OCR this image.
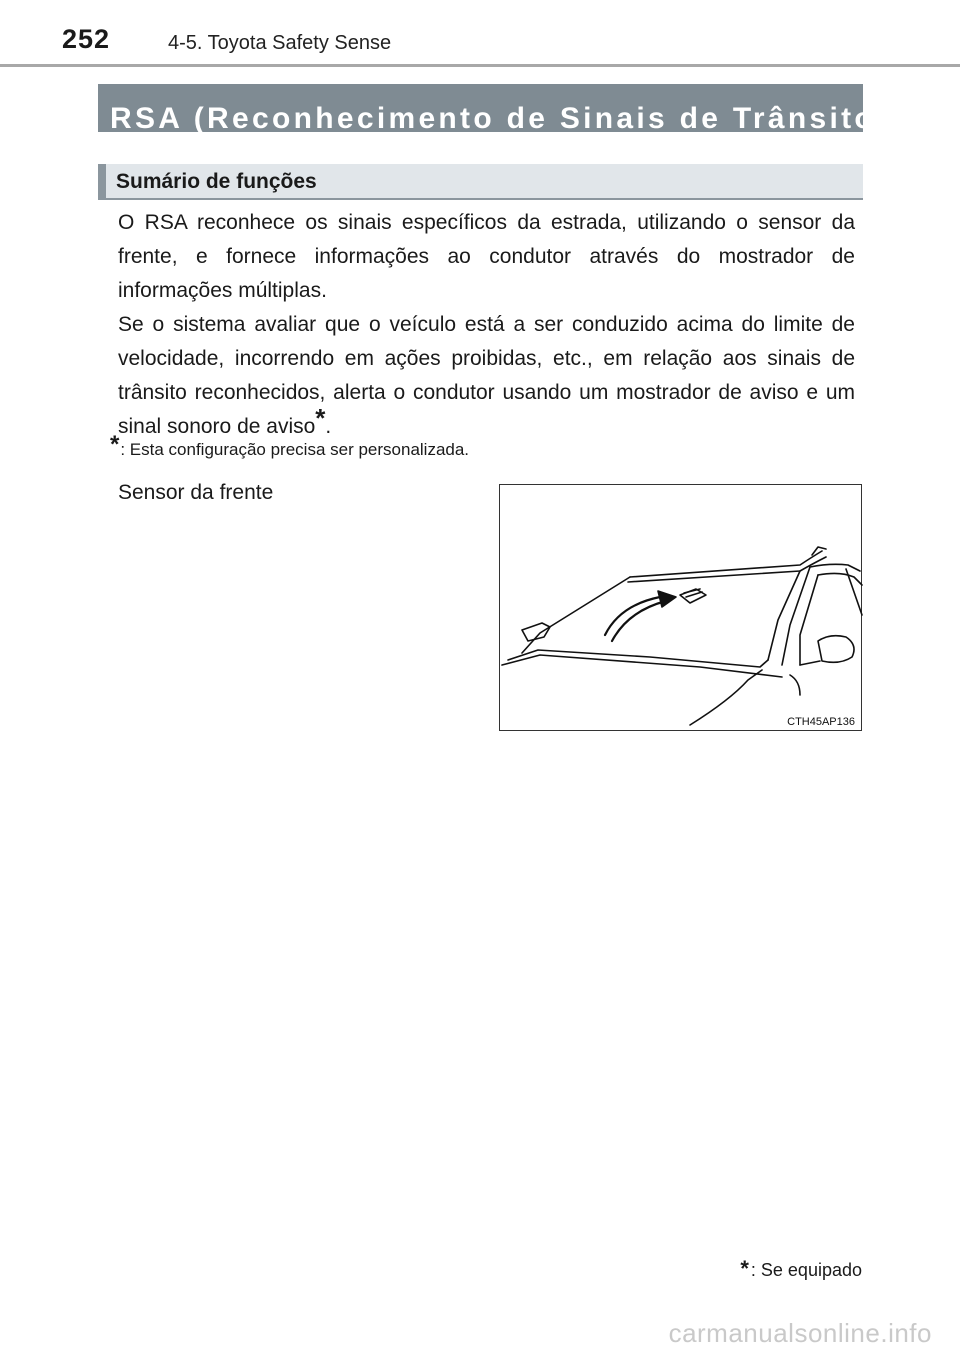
252	4-5. Toyota Safety Sense
RSA (Reconhecimento de Sinais de Trânsito) *
Sumário de funções

O RSA reconhece os sinais específicos da estrada, utilizando o sensor da frente, e fornece informações ao condutor através do mostrador de informações múltiplas.

Se o sistema avaliar que o veículo está a ser conduzido acima do limite de velocidade, incorrendo em ações proibidas, etc., em relação aos sinais de trânsito reconhecidos, alerta o condutor usando um mostrador de aviso e um sinal sonoro de aviso*.

*: Esta configuração precisa ser personalizada.
Sensor da frente
CTH45AP136
* : Se equipado
carmanualsonline.info
